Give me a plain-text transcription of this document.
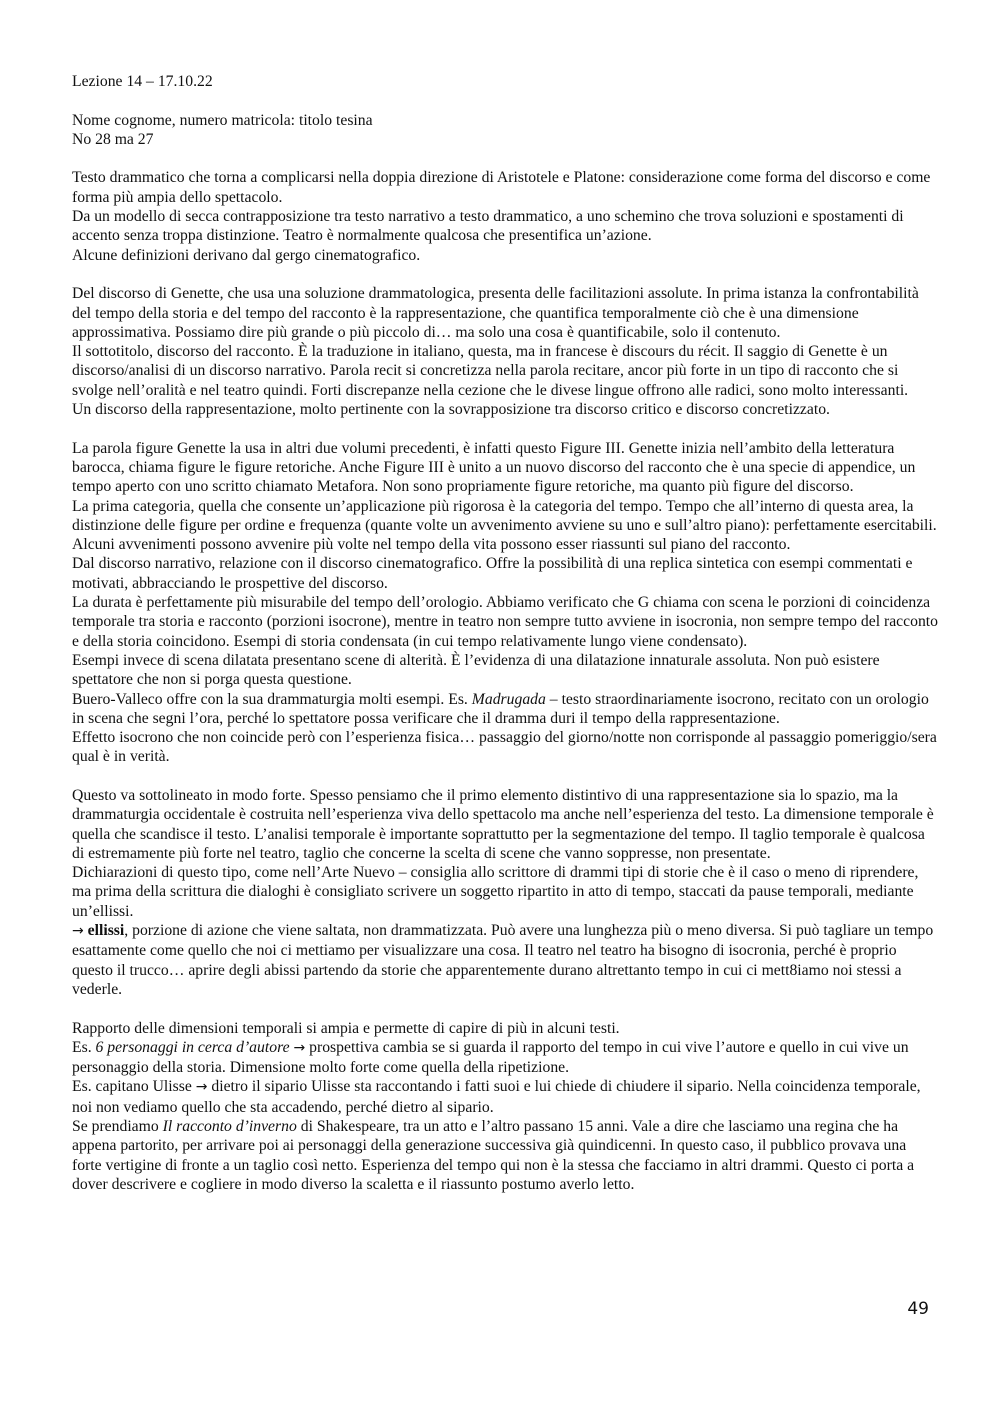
Lezione 14 – 17.10.22

Nome cognome, numero matricola: titolo tesina

No 28 ma 27

Testo drammatico che torna a complicarsi nella doppia direzione di Aristotele e Platone: considerazione come forma del discorso e come forma più ampia dello spettacolo.

Da un modello di secca contrapposizione tra testo narrativo a testo drammatico, a uno schemino che trova soluzioni e spostamenti di accento senza troppa distinzione. Teatro è normalmente qualcosa che presentifica un’azione.

Alcune definizioni derivano dal gergo cinematografico.

Del discorso di Genette, che usa una soluzione drammatologica, presenta delle facilitazioni assolute. In prima istanza la confrontabilità del tempo della storia e del tempo del racconto è la rappresentazione, che quantifica temporalmente ciò che è una dimensione approssimativa. Possiamo dire più grande o più piccolo di… ma solo una cosa è quantificabile, solo il contenuto.

Il sottotitolo, discorso del racconto. È la traduzione in italiano, questa, ma in francese è discours du récit. Il saggio di Genette è un discorso/analisi di un discorso narrativo. Parola recit si concretizza nella parola recitare, ancor più forte in un tipo di racconto che si svolge nell’oralità e nel teatro quindi. Forti discrepanze nella cezione che le divese lingue offrono alle radici, sono molto interessanti.

Un discorso della rappresentazione, molto pertinente con la sovrapposizione tra discorso critico e discorso concretizzato.

La parola figure Genette la usa in altri due volumi precedenti, è infatti questo Figure III. Genette inizia nell’ambito della letteratura barocca, chiama figure le figure retoriche. Anche Figure III è unito a un nuovo discorso del racconto che è una specie di appendice, un tempo aperto con uno scritto chiamato Metafora. Non sono propriamente figure retoriche, ma quanto più figure del discorso.

La prima categoria, quella che consente un’applicazione più rigorosa è la categoria del tempo. Tempo che all’interno di questa area, la distinzione delle figure per ordine e frequenza (quante volte un avvenimento avviene su uno e sull’altro piano): perfettamente esercitabili. Alcuni avvenimenti possono avvenire più volte nel tempo della vita possono esser riassunti sul piano del racconto.

Dal discorso narrativo, relazione con il discorso cinematografico. Offre la possibilità di una replica sintetica con esempi commentati e motivati, abbracciando le prospettive del discorso.

La durata è perfettamente più misurabile del tempo dell’orologio. Abbiamo verificato che G chiama con scena le porzioni di coincidenza temporale tra storia e racconto (porzioni isocrone), mentre in teatro non sempre tutto avviene in isocronia, non sempre tempo del racconto e della storia coincidono. Esempi di storia condensata (in cui tempo relativamente lungo viene condensato).

Esempi invece di scena dilatata presentano scene di alterità. È l’evidenza di una dilatazione innaturale assoluta. Non può esistere spettatore che non si porga questa questione.

Buero-Valleco offre con la sua drammaturgia molti esempi. Es. Madrugada – testo straordinariamente isocrono, recitato con un orologio in scena che segni l’ora, perché lo spettatore possa verificare che il dramma duri il tempo della rappresentazione.

Effetto isocrono che non coincide però con l’esperienza fisica… passaggio del giorno/notte non corrisponde al passaggio pomeriggio/sera qual è in verità.

Questo va sottolineato in modo forte. Spesso pensiamo che il primo elemento distintivo di una rappresentazione sia lo spazio, ma la drammaturgia occidentale è costruita nell’esperienza viva dello spettacolo ma anche nell’esperienza del testo. La dimensione temporale è quella che scandisce il testo. L’analisi temporale è importante soprattutto per la segmentazione del tempo. Il taglio temporale è qualcosa di estremamente più forte nel teatro, taglio che concerne la scelta di scene che vanno soppresse, non presentate.

Dichiarazioni di questo tipo, come nell’Arte Nuevo – consiglia allo scrittore di drammi tipi di storie che è il caso o meno di riprendere, ma prima della scrittura die dialoghi è consigliato scrivere un soggetto ripartito in atto di tempo, staccati da pause temporali, mediante un’ellissi.

→ ellissi, porzione di azione che viene saltata, non drammatizzata. Può avere una lunghezza più o meno diversa. Si può tagliare un tempo esattamente come quello che noi ci mettiamo per visualizzare una cosa. Il teatro nel teatro ha bisogno di isocronia, perché è proprio questo il trucco… aprire degli abissi partendo da storie che apparentemente durano altrettanto tempo in cui ci mett8iamo noi stessi a vederle.

Rapporto delle dimensioni temporali si ampia e permette di capire di più in alcuni testi.

Es. 6 personaggi in cerca d’autore → prospettiva cambia se si guarda il rapporto del tempo in cui vive l’autore e quello in cui vive un personaggio della storia. Dimensione molto forte come quella della ripetizione.

Es. capitano Ulisse → dietro il sipario Ulisse sta raccontando i fatti suoi e lui chiede di chiudere il sipario. Nella coincidenza temporale, noi non vediamo quello che sta accadendo, perché dietro al sipario.

Se prendiamo Il racconto d’inverno di Shakespeare, tra un atto e l’altro passano 15 anni. Vale a dire che lasciamo una regina che ha appena partorito, per arrivare poi ai personaggi della generazione successiva già quindicenni. In questo caso, il pubblico provava una forte vertigine di fronte a un taglio così netto. Esperienza del tempo qui non è la stessa che facciamo in altri drammi. Questo ci porta a dover descrivere e cogliere in modo diverso la scaletta e il riassunto postumo averlo letto.

49
